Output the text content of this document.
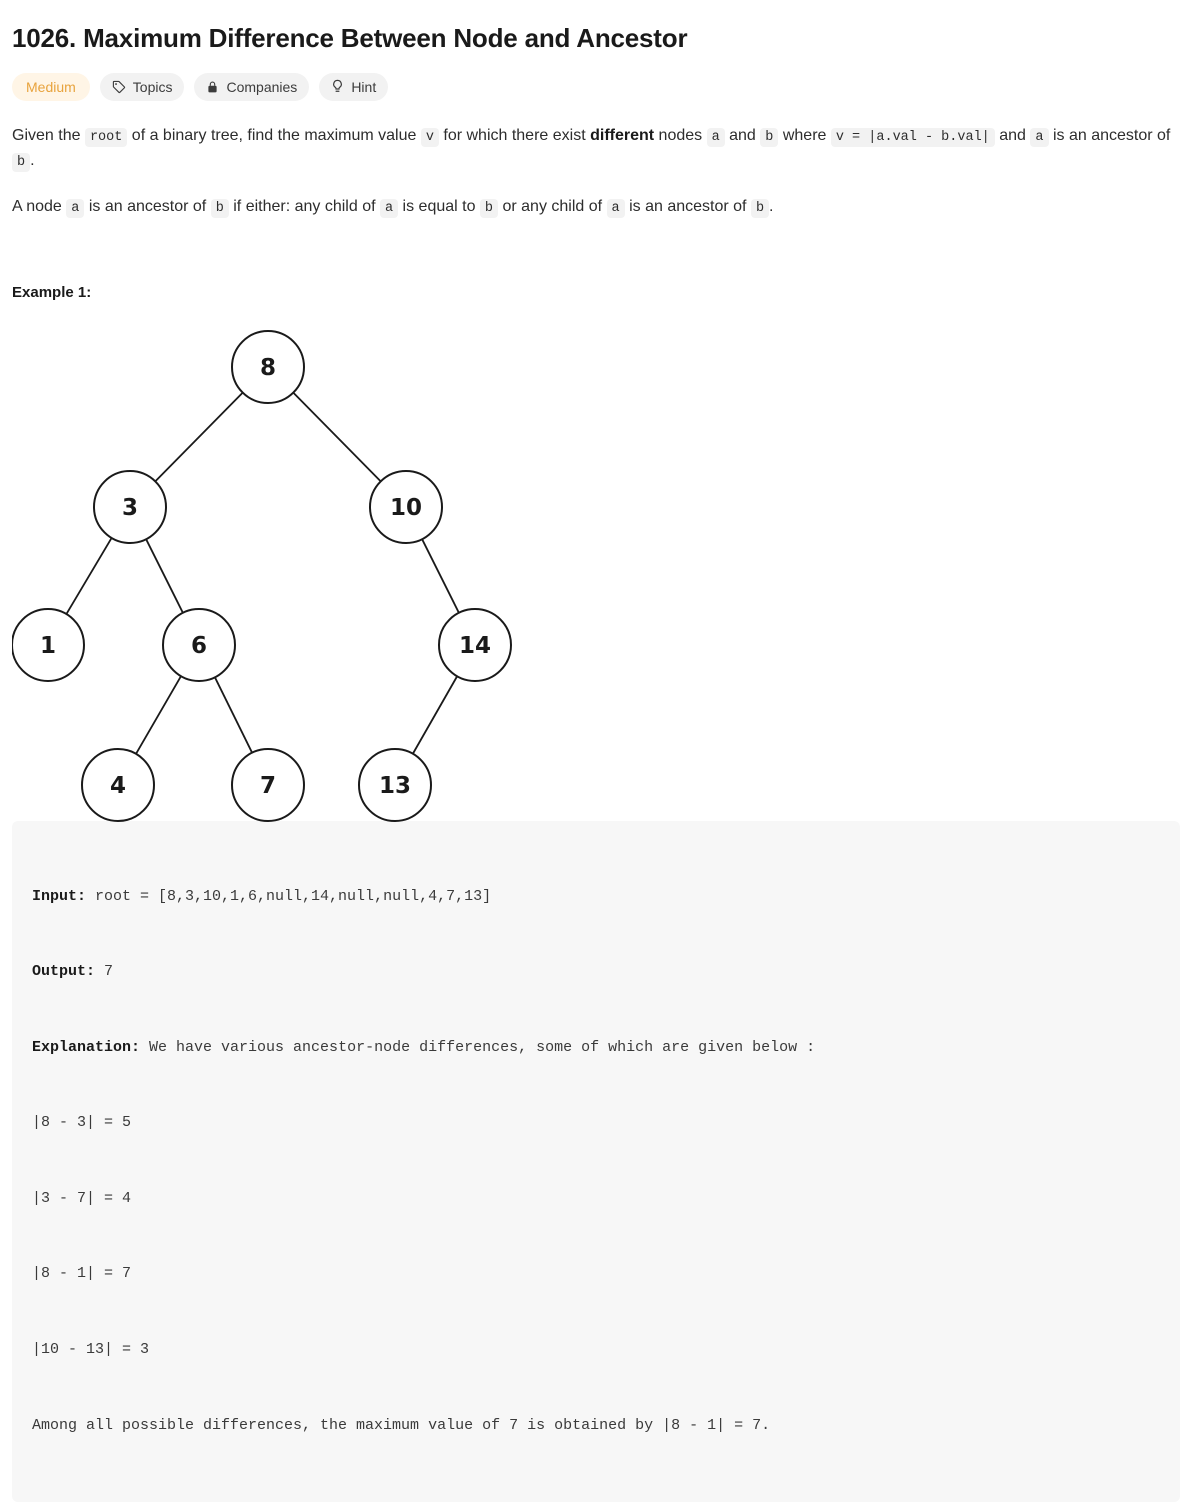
1026. Maximum Difference Between Node and Ancestor
Medium	Topics	Companies	Hint

Given the root of a binary tree, find the maximum value v for which there exist different nodes a and b where v = |a.val - b.val| and a is an ancestor of b .

A node a is an ancestor of b if either: any child of a is equal to b or any child of a is an ancestor of b .

Example 1:
8
3	10
1	6	14
4	7	13

Input: root = [8,3,10,1,6,null,14,null,null,4,7,13]

Output: 7

Explanation: We have various ancestor-node differences, some of which are given below :

|8 - 3| = 5

|3 - 7| = 4

|8 - 1| = 7

|10 - 13| = 3

Among all possible differences, the maximum value of 7 is obtained by |8 - 1| = 7.
